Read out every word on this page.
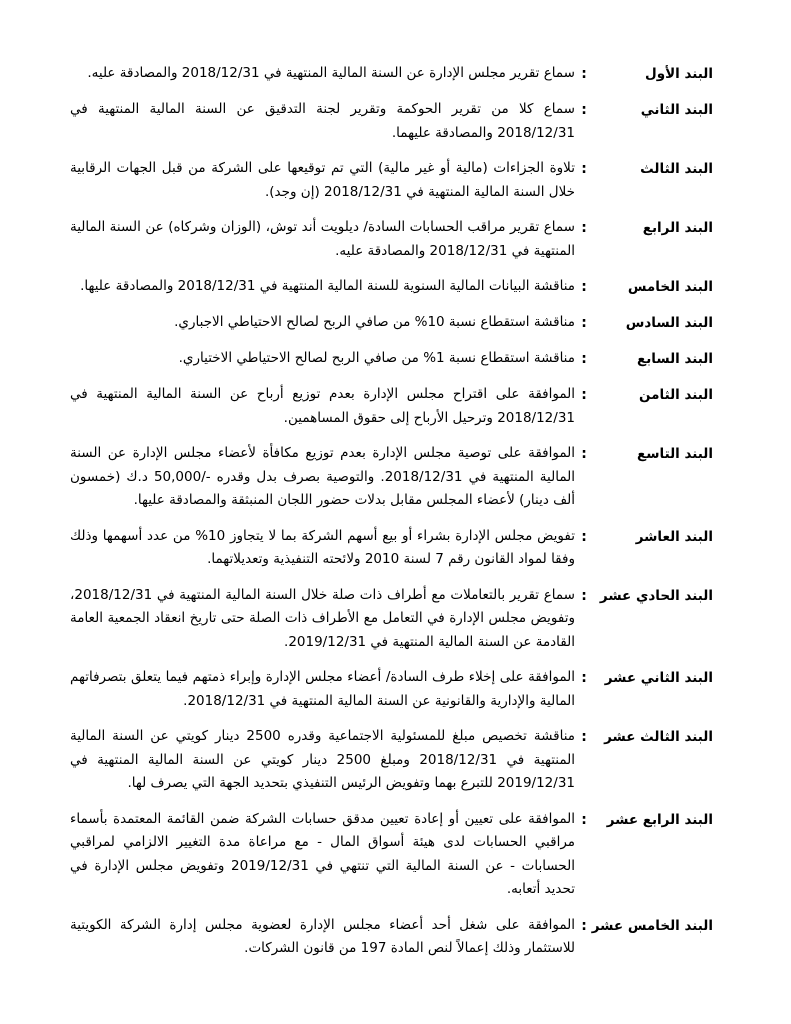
البند الأول
:
سماع تقرير مجلس الإدارة عن السنة المالية المنتهية في 2018/12/31 والمصادقة عليه.
البند الثاني
:
سماع كلا من تقرير الحوكمة وتقرير لجنة التدقيق عن السنة المالية المنتهية في 2018/12/31 والمصادقة عليهما.
البند الثالث
:
تلاوة الجزاءات (مالية أو غير مالية) التي تم توقيعها على الشركة من قبل الجهات الرقابية خلال السنة المالية المنتهية في 2018/12/31 (إن وجد).
البند الرابع
:
سماع تقرير مراقب الحسابات السادة/ ديلويت أند توش، (الوزان وشركاه) عن السنة المالية المنتهية في 2018/12/31 والمصادقة عليه.
البند الخامس
:
مناقشة البيانات المالية السنوية للسنة المالية المنتهية في 2018/12/31 والمصادقة عليها.
البند السادس
:
مناقشة استقطاع نسبة 10% من صافي الربح لصالح الاحتياطي الاجباري.
البند السابع
:
مناقشة استقطاع نسبة 1% من صافي الربح لصالح الاحتياطي الاختياري.
البند الثامن
:
الموافقة على اقتراح مجلس الإدارة بعدم توزيع أرباح عن السنة المالية المنتهية في 2018/12/31 وترحيل الأرباح إلى حقوق المساهمين.
البند التاسع
:
الموافقة على توصية مجلس الإدارة بعدم توزيع مكافأة لأعضاء مجلس الإدارة عن السنة المالية المنتهية في 2018/12/31. والتوصية بصرف بدل وقدره -/50,000 د.ك (خمسون ألف دينار) لأعضاء المجلس مقابل بدلات حضور اللجان المنبثقة والمصادقة عليها.
البند العاشر
:
تفويض مجلس الإدارة بشراء أو بيع أسهم الشركة بما لا يتجاوز 10% من عدد أسهمها وذلك وفقا لمواد القانون رقم 7 لسنة 2010 ولائحته التنفيذية وتعديلاتهما.
البند الحادي عشر
:
سماع تقرير بالتعاملات مع أطراف ذات صلة خلال السنة المالية المنتهية في 2018/12/31، وتفويض مجلس الإدارة في التعامل مع الأطراف ذات الصلة حتى تاريخ انعقاد الجمعية العامة القادمة عن السنة المالية المنتهية في 2019/12/31.
البند الثاني عشر
:
الموافقة على إخلاء طرف السادة/ أعضاء مجلس الإدارة وإبراء ذمتهم فيما يتعلق بتصرفاتهم المالية والإدارية والقانونية عن السنة المالية المنتهية في 2018/12/31.
البند الثالث عشر
:
مناقشة تخصيص مبلغ للمسئولية الاجتماعية وقدره 2500 دينار كويتي عن السنة المالية المنتهية في 2018/12/31 ومبلغ 2500 دينار كويتي عن السنة المالية المنتهية في 2019/12/31 للتبرع بهما وتفويض الرئيس التنفيذي بتحديد الجهة التي يصرف لها.
البند الرابع عشر
:
الموافقة على تعيين أو إعادة تعيين مدقق حسابات الشركة ضمن القائمة المعتمدة بأسماء مراقبي الحسابات لدى هيئة أسواق المال - مع مراعاة مدة التغيير الالزامي لمراقبي الحسابات - عن السنة المالية التي تنتهي في 2019/12/31 وتفويض مجلس الإدارة في تحديد أتعابه.
البند الخامس عشر
:
الموافقة على شغل أحد أعضاء مجلس الإدارة لعضوية مجلس إدارة الشركة الكويتية للاستثمار وذلك إعمالاً لنص المادة 197 من قانون الشركات.
